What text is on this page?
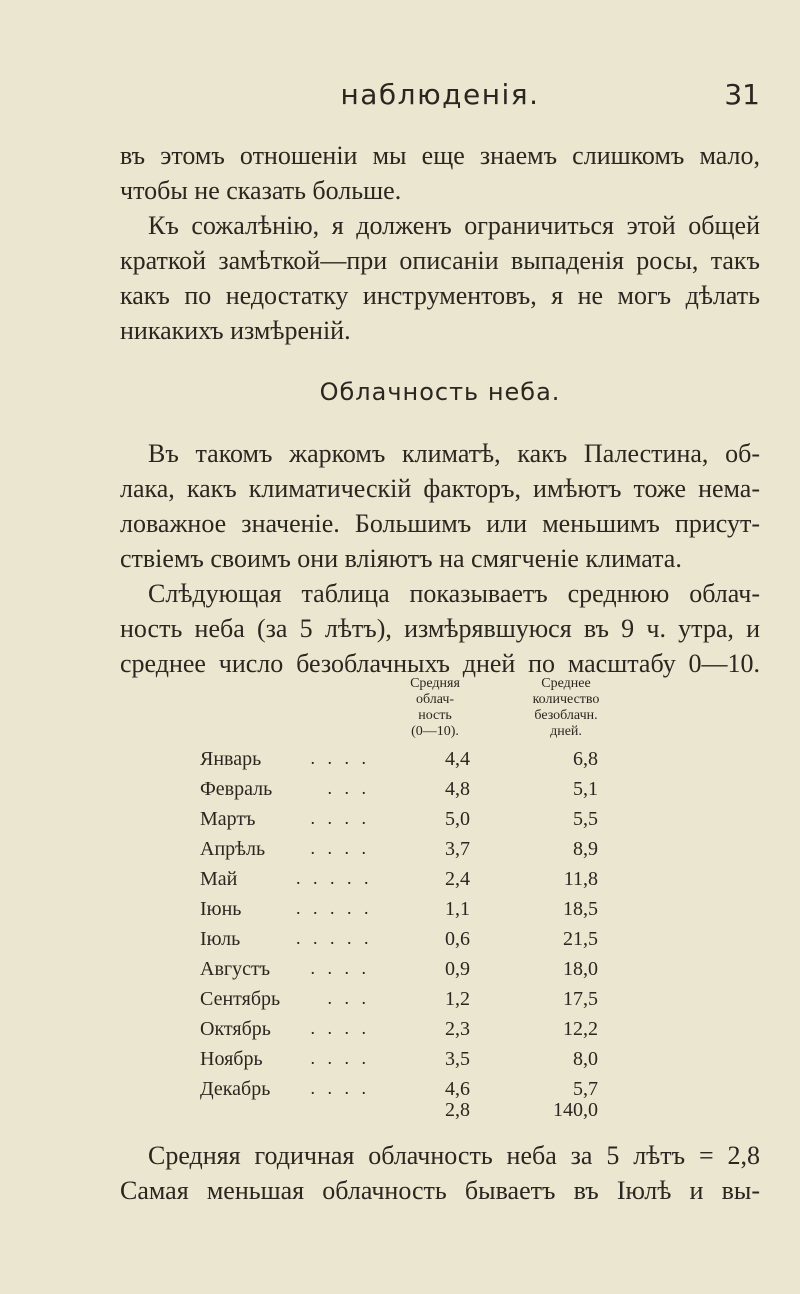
наблюденія.	31
въ этомъ отношеніи мы еще знаемъ слишкомъ мало,
чтобы не сказать больше.
Къ сожалѣнію, я долженъ ограничиться этой общей
краткой замѣткой—при описаніи выпаденія росы, такъ
какъ по недостатку инструментовъ, я не могъ дѣлать
никакихъ измѣреній.
Облачность неба.
Въ такомъ жаркомъ климатѣ, какъ Палестина, об-
лака, какъ климатическій факторъ, имѣютъ тоже нема-
ловажное значеніе. Большимъ или меньшимъ присут-
ствіемъ своимъ они вліяютъ на смягченіе климата.
Слѣдующая таблица показываетъ среднюю облач-
ность неба (за 5 лѣтъ), измѣрявшуюся въ 9 ч. утра, и
среднее число безоблачныхъ дней по масштабу 0—10.
Средняя
облач-
ность
(0—10).
Среднее
количество
безоблачн.
дней.
Январь	. . . .	4,4	6,8
Февраль	. . .	4,8	5,1
Мартъ	. . . .	5,0	5,5
Апрѣль	. . . .	3,7	8,9
Май	. . . . .	2,4	11,8
Іюнь	. . . . .	1,1	18,5
Іюль	. . . . .	0,6	21,5
Августъ	. . . .	0,9	18,0
Сентябрь	. . .	1,2	17,5
Октябрь	. . . .	2,3	12,2
Ноябрь	. . . .	3,5	8,0
Декабрь	. . . .	4,6	5,7
2,8	140,0
Средняя годичная облачность неба за 5 лѣтъ = 2,8
Самая меньшая облачность бываетъ въ Іюлѣ и вы-
